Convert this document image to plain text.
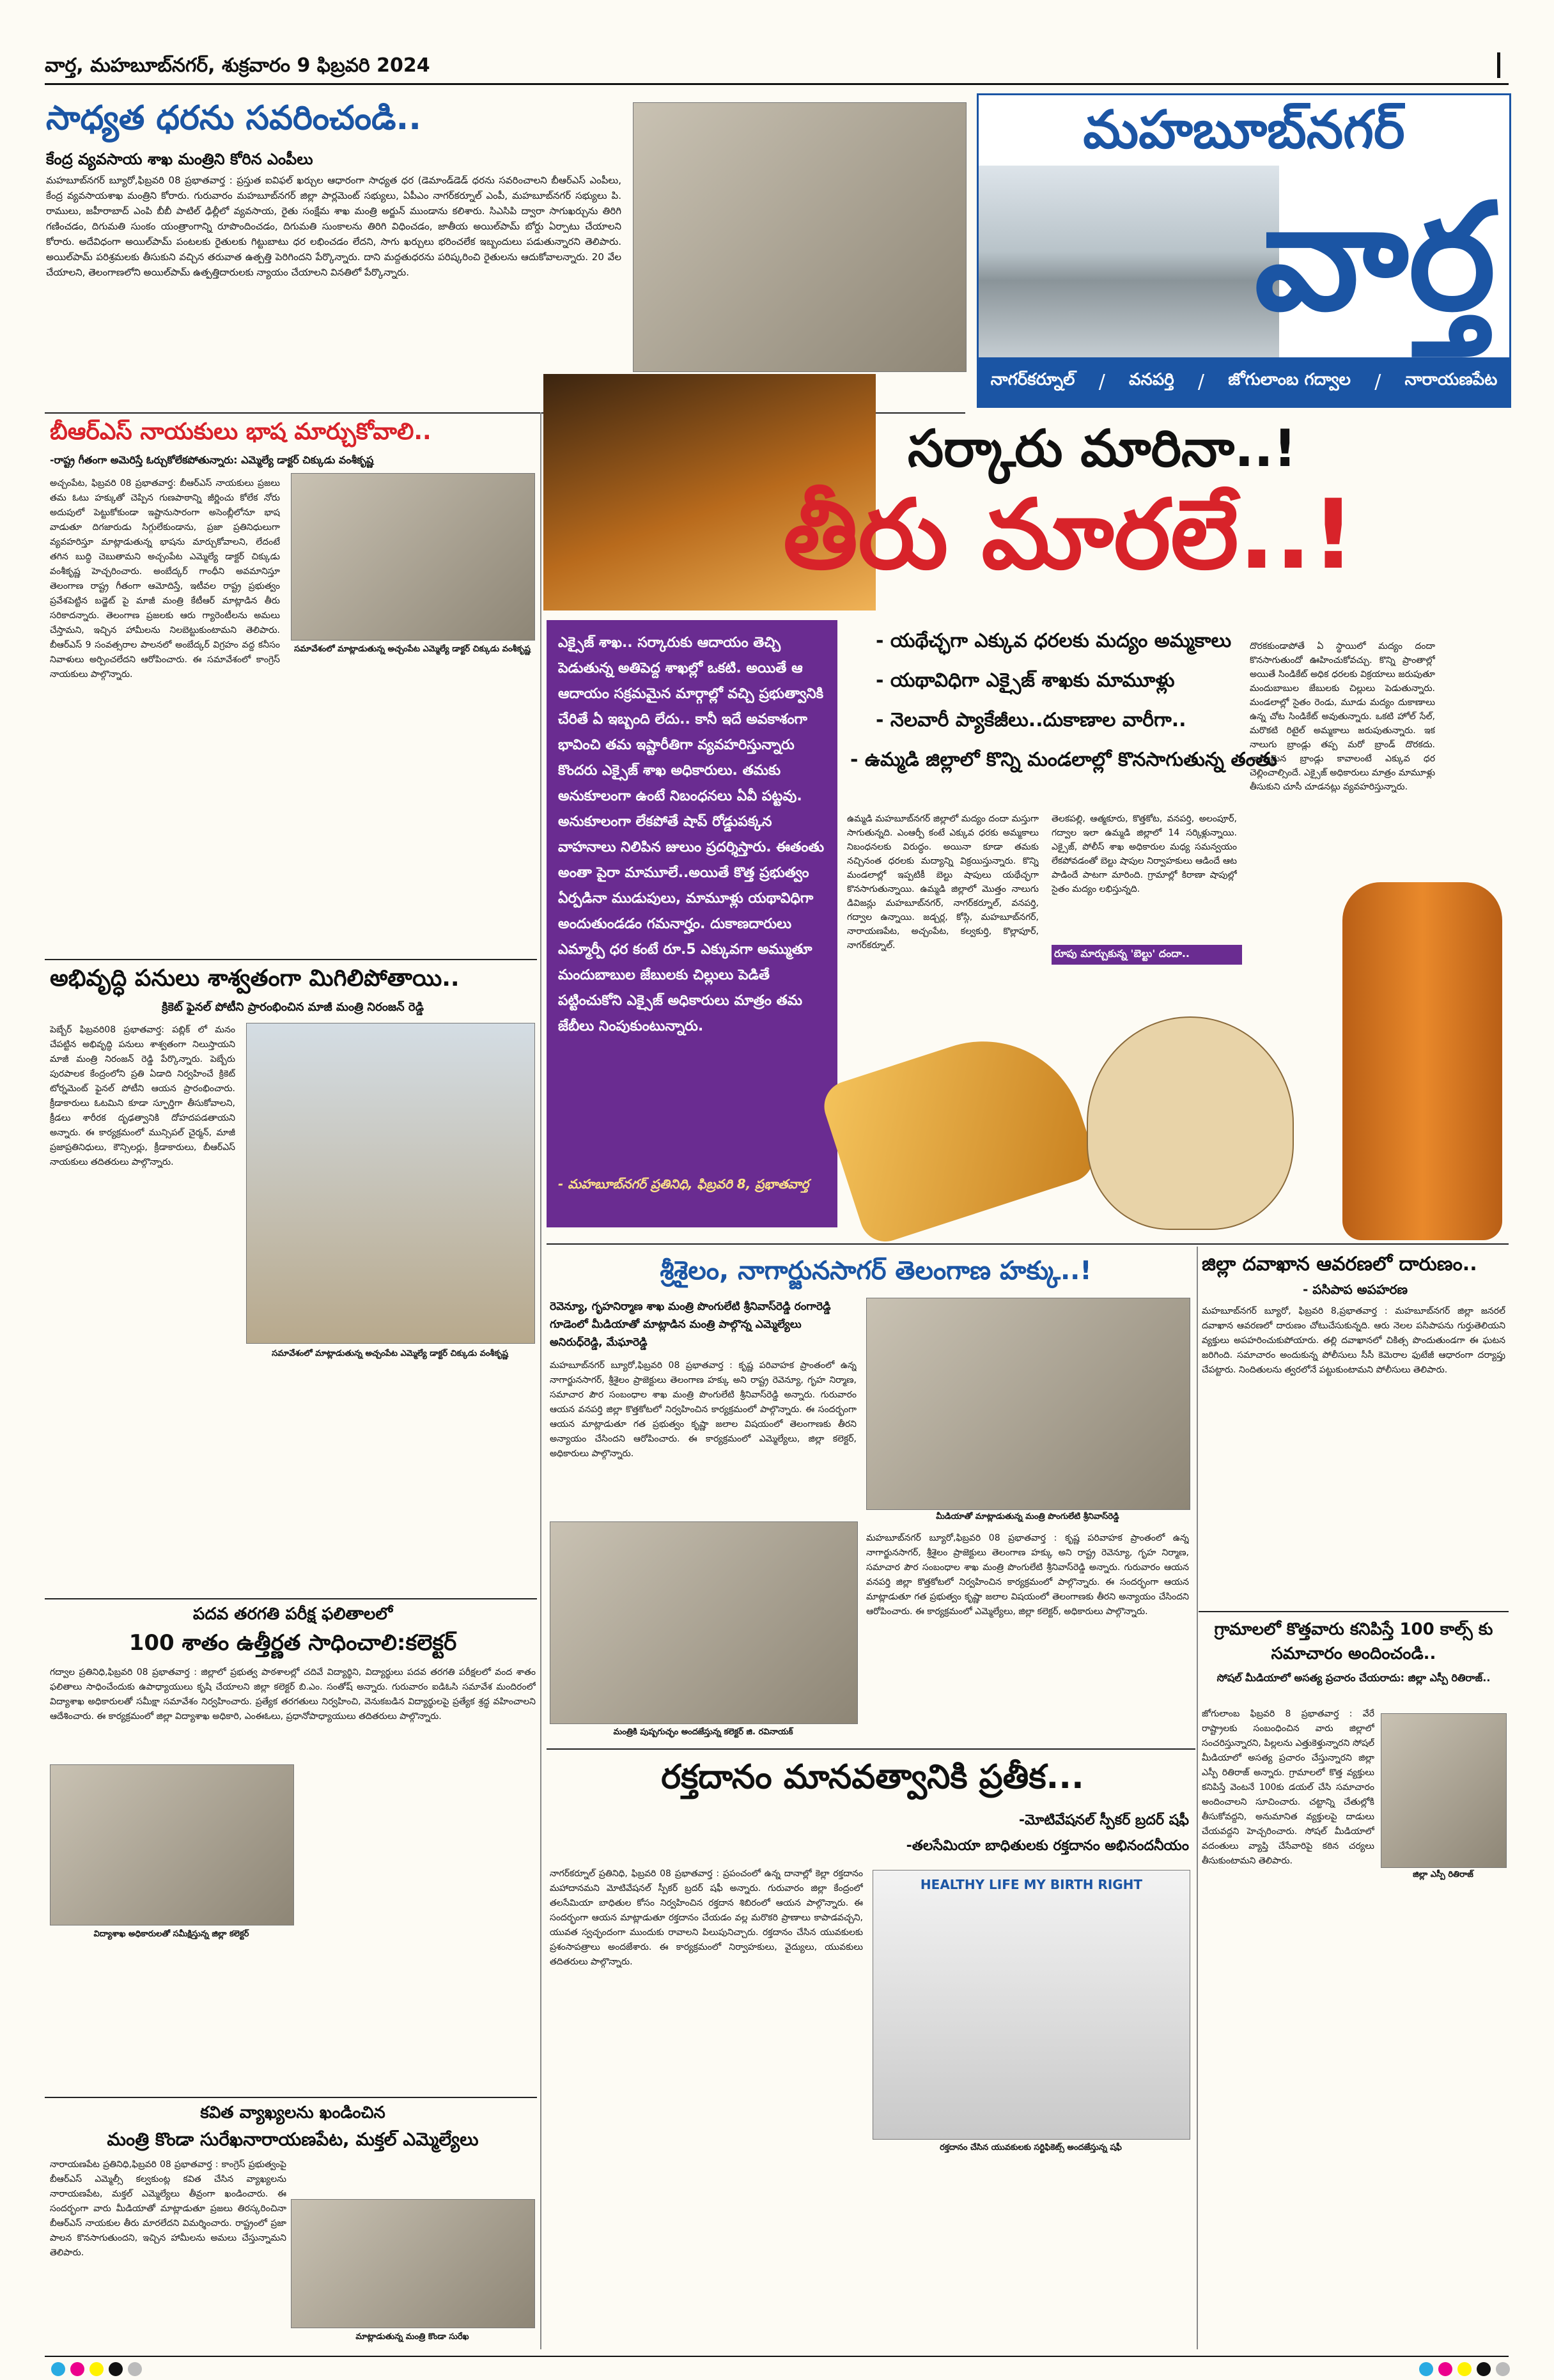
వార్త, మహబూబ్‌నగర్, శుక్రవారం 9 ఫిబ్రవరి 2024
మహబూబ్‌నగర్
వార్త
నాగర్‌కర్నూల్ / వనపర్తి / జోగులాంబ గద్వాల / నారాయణపేట
సాధ్యత ధరను సవరించండి..
కేంద్ర వ్యవసాయ శాఖ మంత్రిని కోరిన ఎంపీలు
మహబూబ్‌నగర్‌ బ్యూరో,ఫిబ్రవరి 08 ప్రభాతవార్త : ప్రస్తుత ఐవిఫల్‌ ఖర్చుల ఆధారంగా సాధ్యత ధర (డెమాండ్‌డెడ్‌ ధరను సవరించాలని బీఆర్ఎస్ ఎంపీలు, కేంద్ర వ్యవసాయశాఖ మంత్రిని కోరారు. గురువారం మహబూబ్‌నగర్‌ జిల్లా పార్లమెంట్‌ సభ్యులు, ఏపీఎం నాగర్‌కర్నూల్‌ ఎంపీ, మహబూబ్‌నగర్‌ సభ్యులు పి. రాములు, జహీరాబాద్ ఎంపి బీబీ పాటిల్ ఢిల్లీలో వ్యవసాయ, రైతు సంక్షేమ శాఖ మంత్రి అర్జున్ ముండాను కలిశారు. సిఎసిపి ద్వారా సాగుఖర్చును తిరిగి గణించడం, దిగుమతి సుంకం యంత్రాంగాన్ని రూపొందించడం, దిగుమతి సుంకాలను తిరిగి విధించడం, జాతీయ అయిల్‌పామ్ బోర్డు ఏర్పాటు చేయాలని కోరారు. అదేవిధంగా అయిల్‌పామ్ పంటలకు రైతులకు గిట్టుబాటు ధర లభించడం లేదని, సాగు ఖర్చులు భరించలేక ఇబ్బందులు పడుతున్నారని తెలిపారు. అయిల్‌పామ్ పరిశ్రమలకు తీసుకుని వచ్చిన తరువాత ఉత్పత్తి పెరిగిందని పేర్కొన్నారు. దాని మద్దతుధరను పరిష్కరించి రైతులను ఆదుకోవాలన్నారు. 20 వేల చేయాలని, తెలంగాణలోని అయిల్‌పామ్ ఉత్పత్తిదారులకు న్యాయం చేయాలని వినతిలో పేర్కొన్నారు.
సర్కారు మారినా..!
తీరు మారలే..!
ఎక్సైజ్ శాఖ.. సర్కారుకు ఆదాయం తెచ్చి పెడుతున్న అతిపెద్ద శాఖల్లో ఒకటి. అయితే ఆ ఆదాయం సక్రమమైన మార్గాల్లో వచ్చి ప్రభుత్వానికి చేరితే ఏ ఇబ్బంది లేదు.. కానీ ఇదే అవకాశంగా భావించి తమ ఇష్టారీతిగా వ్యవహరిస్తున్నారు కొందరు ఎక్సైజ్ శాఖ అధికారులు. తమకు అనుకూలంగా ఉంటే నిబంధనలు ఏవీ పట్టవు. అనుకూలంగా లేకపోతే షాప్ రోడ్డుపక్కన వాహనాలు నిలిపిన జులుం ప్రదర్శిస్తారు. ఈతంతు అంతా పైరా మామూలే..అయితే కొత్త ప్రభుత్వం ఏర్పడినా ముడుపులు, మామూళ్లు యథావిధిగా అందుతుండడం గమనార్హం. దుకాణదారులు ఎమ్మార్పీ ధర కంటే రూ.5 ఎక్కువగా అమ్ముతూ మందుబాబుల జేబులకు చిల్లులు పెడితే పట్టించుకోని ఎక్సైజ్ అధికారులు మాత్రం తమ జేబీలు నింపుకుంటున్నారు.
- మహబూబ్‌నగర్ ప్రతినిధి, ఫిబ్రవరి 8, ప్రభాతవార్త
- యథేచ్ఛగా ఎక్కువ ధరలకు మద్యం అమ్మకాలు
- యథావిధిగా ఎక్సైజ్ శాఖకు మామూళ్లు
- నెలవారీ ప్యాకేజీలు..దుకాణాల వారీగా..
- ఉమ్మడి జిల్లాలో కొన్ని మండలాల్లో కొనసాగుతున్న తంతు
ఉమ్మడి మహబూబ్‌నగర్ జిల్లాలో మద్యం దందా మస్తుగా సాగుతున్నది. ఎంఆర్పీ కంటే ఎక్కువ ధరకు అమ్మకాలు నిబంధనలకు విరుద్ధం. అయినా కూడా తమకు నచ్చినంత ధరలకు మద్యాన్ని విక్రయిస్తున్నారు. కొన్ని మండలాల్లో ఇప్పటికీ బెల్టు షాపులు యథేచ్ఛగా కొనసాగుతున్నాయి. ఉమ్మడి జిల్లాలో మొత్తం నాలుగు డివిజన్లు మహబూబ్‌నగర్, నాగర్‌కర్నూల్, వనపర్తి, గద్వాల ఉన్నాయి. జడ్చర్ల, కోస్గి, మహబూబ్‌నగర్, నారాయణపేట, అచ్చంపేట, కల్వకుర్తి, కొల్లాపూర్, నాగర్‌కర్నూల్.
తెలకపల్లి, ఆత్మకూరు, కొత్తకోట, వనపర్తి, అలంపూర్, గద్వాల ఇలా ఉమ్మడి జిల్లాలో 14 సర్కిళ్లున్నాయి. ఎక్సైజ్, పోలీస్ శాఖ అధికారుల మధ్య సమన్వయం లేకపోవడంతో బెల్టు షాపుల నిర్వాహకులు ఆడిందే ఆట పాడిందే పాటగా మారింది. గ్రామాల్లో కిరాణా షాపుల్లో సైతం మద్యం లభిస్తున్నది.
రూపు మార్చుకున్న 'బెల్టు' దందా..
దొరకకుండాపోతే ఏ స్థాయిలో మద్యం దందా కొనసాగుతుందో ఊహించుకోవచ్చు. కొన్ని ప్రాంతాల్లో అయితే సిండికేట్ అధిక ధరలకు విక్రయాలు జరుపుతూ మందుబాబుల జేబులకు చిల్లులు పెడుతున్నారు. మండలాల్లో సైతం రెండు, మూడు మద్యం దుకాణాలు ఉన్న చోట సిండికేట్ అవుతున్నారు. ఒకటి హోల్ సేల్, మరొకటి రిటైల్ అమ్మకాలు జరుపుతున్నారు. ఇక నాలుగు బ్రాండ్లు తప్ప మరో బ్రాండ్ దొరకదు. నాణ్యమైన బ్రాండ్లు కావాలంటే ఎక్కువ ధర చెల్లించాల్సిందే. ఎక్సైజ్ అధికారులు మాత్రం మామూళ్లు తీసుకుని చూసీ చూడనట్లు వ్యవహరిస్తున్నారు.
బీఆర్ఎస్ నాయకులు భాష మార్చుకోవాలి..
-రాష్ట్ర గీతంగా అమెరిస్తే ఓర్చుకోలేకపోతున్నారు: ఎమ్మెల్యే డాక్టర్ చిక్కుడు వంశీకృష్ణ
అచ్చంపేట, ఫిబ్రవరి 08 ప్రభాతవార్త: బీఆర్ఎస్ నాయకులు ప్రజలు తమ ఓటు హక్కుతో చెప్పిన గుణపాఠాన్ని జీర్ణించు కోలేక నోరు అదుపులో పెట్టుకోకుండా ఇష్టానుసారంగా అసెంబ్లీలోనూ భాష వాడుతూ దిగజారుడు సిగ్గులేకుండాను, ప్రజా ప్రతినిధులుగా వ్యవహరిస్తూ మాట్లాడుతున్న భాషను మార్చుకోవాలని, లేదంటే తగిన బుద్ధి చెబుతామని అచ్చంపేట ఎమ్మెల్యే డాక్టర్ చిక్కుడు వంశీకృష్ణ హెచ్చరించారు. అంబేద్కర్ గాంధీని అవమానిస్తూ తెలంగాణ రాష్ట్ర గీతంగా ఆమోదిస్తే, ఇటీవల రాష్ట్ర ప్రభుత్వం ప్రవేశపెట్టిన బడ్జెట్ పై మాజీ మంత్రి కేటీఆర్ మాట్లాడిన తీరు సరికాదన్నారు. తెలంగాణ ప్రజలకు ఆరు గ్యారెంటీలను అమలు చేస్తామని, ఇచ్చిన హామీలను నిలబెట్టుకుంటామని తెలిపారు. బీఆర్ఎస్ 9 సంవత్సరాల పాలనలో అంబేద్కర్ విగ్రహం వద్ద కనీసం నివాళులు అర్పించలేదని ఆరోపించారు. ఈ సమావేశంలో కాంగ్రెస్ నాయకులు పాల్గొన్నారు.
సమావేశంలో మాట్లాడుతున్న అచ్చంపేట ఎమ్మెల్యే డాక్టర్ చిక్కుడు వంశీకృష్ణ
అభివృద్ధి పనులు శాశ్వతంగా మిగిలిపోతాయి..
క్రికెట్ ఫైనల్ పోటీని ప్రారంభించిన మాజీ మంత్రి నిరంజన్ రెడ్డి
పెబ్బేర్ ఫిబ్రవరి08 ప్రభాతవార్త: పబ్లిక్ లో మనం చేపట్టిన అభివృద్ధి పనులు శాశ్వతంగా నిలుస్తాయని మాజీ మంత్రి నిరంజన్ రెడ్డి పేర్కొన్నారు. పెబ్బేరు పురపాలక కేంద్రంలోని ప్రతి ఏడాది నిర్వహించే క్రికెట్ టోర్నమెంట్ ఫైనల్ పోటీని ఆయన ప్రారంభించారు. క్రీడాకారులు ఓటమిని కూడా స్ఫూర్తిగా తీసుకోవాలని, క్రీడలు శారీరక దృఢత్వానికి దోహదపడతాయని అన్నారు. ఈ కార్యక్రమంలో మున్సిపల్ చైర్మన్, మాజీ ప్రజాప్రతినిధులు, కౌన్సిలర్లు, క్రీడాకారులు, బీఆర్ఎస్ నాయకులు తదితరులు పాల్గొన్నారు.
సమావేశంలో మాట్లాడుతున్న అచ్చంపేట ఎమ్మెల్యే డాక్టర్ చిక్కుడు వంశీకృష్ణ
పదవ తరగతి పరీక్ష ఫలితాలలో
100 శాతం ఉత్తీర్ణత సాధించాలి:కలెక్టర్
గద్వాల ప్రతినిధి,ఫిబ్రవరి 08 ప్రభాతవార్త : జిల్లాలో ప్రభుత్వ పాఠశాలల్లో చదివే విద్యార్థిని, విద్యార్థులు పదవ తరగతి పరీక్షలలో వంద శాతం ఫలితాలు సాధించేందుకు ఉపాధ్యాయులు కృషి చేయాలని జిల్లా కలెక్టర్ బి.ఎం. సంతోష్ అన్నారు. గురువారం ఐడిఓసి సమావేశ మందిరంలో విద్యాశాఖ అధికారులతో సమీక్షా సమావేశం నిర్వహించారు. ప్రత్యేక తరగతులు నిర్వహించి, వెనుకబడిన విద్యార్థులపై ప్రత్యేక శ్రద్ధ వహించాలని ఆదేశించారు. ఈ కార్యక్రమంలో జిల్లా విద్యాశాఖ అధికారి, ఎంఈఓలు, ప్రధానోపాధ్యాయులు తదితరులు పాల్గొన్నారు.
విద్యాశాఖ అధికారులతో సమీక్షిస్తున్న జిల్లా కలెక్టర్
కవిత వ్యాఖ్యలను ఖండించిన
మంత్రి కొండా సురేఖనారాయణపేట, మక్తల్ ఎమ్మెల్యేలు
నారాయణపేట ప్రతినిధి,ఫిబ్రవరి 08 ప్రభాతవార్త : కాంగ్రెస్ ప్రభుత్వంపై బీఆర్ఎస్ ఎమ్మెల్సీ కల్వకుంట్ల కవిత చేసిన వ్యాఖ్యలను నారాయణపేట, మక్తల్ ఎమ్మెల్యేలు తీవ్రంగా ఖండించారు. ఈ సందర్భంగా వారు మీడియాతో మాట్లాడుతూ ప్రజలు తిరస్కరించినా బీఆర్ఎస్ నాయకుల తీరు మారలేదని విమర్శించారు. రాష్ట్రంలో ప్రజా పాలన కొనసాగుతుందని, ఇచ్చిన హామీలను అమలు చేస్తున్నామని తెలిపారు.
మాట్లాడుతున్న మంత్రి కొండా సురేఖ
శ్రీశైలం, నాగార్జునసాగర్ తెలంగాణ హక్కు..!
రెవెన్యూ, గృహనిర్మాణ శాఖ మంత్రి పొంగులేటి శ్రీనివాస్‌రెడ్డి రంగారెడ్డి గూడెంలో మీడియాతో మాట్లాడిన మంత్రి పాల్గొన్న ఎమ్మెల్యేలు అనిరుధ్‌రెడ్డి, మేఘారెడ్డి
మహబూబ్‌నగర్ బ్యూరో,ఫిబ్రవరి 08 ప్రభాతవార్త : కృష్ణ పరివాహక ప్రాంతంలో ఉన్న నాగార్జునసాగర్, శ్రీశైలం ప్రాజెక్టులు తెలంగాణ హక్కు అని రాష్ట్ర రెవెన్యూ, గృహ నిర్మాణ, సమాచార పౌర సంబంధాల శాఖ మంత్రి పొంగులేటి శ్రీనివాస్‌రెడ్డి అన్నారు. గురువారం ఆయన వనపర్తి జిల్లా కొత్తకోటలో నిర్వహించిన కార్యక్రమంలో పాల్గొన్నారు. ఈ సందర్భంగా ఆయన మాట్లాడుతూ గత ప్రభుత్వం కృష్ణా జలాల విషయంలో తెలంగాణకు తీరని అన్యాయం చేసిందని ఆరోపించారు. ఈ కార్యక్రమంలో ఎమ్మెల్యేలు, జిల్లా కలెక్టర్, అధికారులు పాల్గొన్నారు.
మీడియాతో మాట్లాడుతున్న మంత్రి పొంగులేటి శ్రీనివాస్‌రెడ్డి
మంత్రికి పుష్పగుచ్ఛం అందజేస్తున్న కలెక్టర్ జి. రవినాయక్
మహబూబ్‌నగర్ బ్యూరో,ఫిబ్రవరి 08 ప్రభాతవార్త : కృష్ణ పరివాహక ప్రాంతంలో ఉన్న నాగార్జునసాగర్, శ్రీశైలం ప్రాజెక్టులు తెలంగాణ హక్కు అని రాష్ట్ర రెవెన్యూ, గృహ నిర్మాణ, సమాచార పౌర సంబంధాల శాఖ మంత్రి పొంగులేటి శ్రీనివాస్‌రెడ్డి అన్నారు. గురువారం ఆయన వనపర్తి జిల్లా కొత్తకోటలో నిర్వహించిన కార్యక్రమంలో పాల్గొన్నారు. ఈ సందర్భంగా ఆయన మాట్లాడుతూ గత ప్రభుత్వం కృష్ణా జలాల విషయంలో తెలంగాణకు తీరని అన్యాయం చేసిందని ఆరోపించారు. ఈ కార్యక్రమంలో ఎమ్మెల్యేలు, జిల్లా కలెక్టర్, అధికారులు పాల్గొన్నారు.
రక్తదానం మానవత్వానికి ప్రతీక...
-మోటివేషనల్ స్పీకర్ బ్రదర్ షఫీ
-తలసేమియా బాధితులకు రక్తదానం అభినందనీయం
నాగర్‌కర్నూల్ ప్రతినిధి, ఫిబ్రవరి 08 ప్రభాతవార్త : ప్రపంచంలో ఉన్న దానాల్లో కెల్లా రక్తదానం మహాదానమని మోటివేషనల్ స్పీకర్ బ్రదర్ షఫీ అన్నారు. గురువారం జిల్లా కేంద్రంలో తలసేమియా బాధితుల కోసం నిర్వహించిన రక్తదాన శిబిరంలో ఆయన పాల్గొన్నారు. ఈ సందర్భంగా ఆయన మాట్లాడుతూ రక్తదానం చేయడం వల్ల మరొకరి ప్రాణాలు కాపాడవచ్చని, యువత స్వచ్ఛందంగా ముందుకు రావాలని పిలుపునిచ్చారు. రక్తదానం చేసిన యువకులకు ప్రశంసాపత్రాలు అందజేశారు. ఈ కార్యక్రమంలో నిర్వాహకులు, వైద్యులు, యువకులు తదితరులు పాల్గొన్నారు.
HEALTHY LIFE MY BIRTH RIGHT
రక్తదానం చేసిన యువకులకు సర్టిఫికెట్స్ అందజేస్తున్న షఫీ
జిల్లా దవాఖాన ఆవరణలో దారుణం..
- పసిపాప అపహరణ
మహబూబ్‌నగర్ బ్యూరో, ఫిబ్రవరి 8,ప్రభాతవార్త : మహబూబ్‌నగర్ జిల్లా జనరల్ దవాఖాన ఆవరణలో దారుణం చోటుచేసుకున్నది. ఆరు నెలల పసిపాపను గుర్తుతెలియని వ్యక్తులు అపహరించుకుపోయారు. తల్లి దవాఖానలో చికిత్స పొందుతుండగా ఈ ఘటన జరిగింది. సమాచారం అందుకున్న పోలీసులు సీసీ కెమెరాల ఫుటేజీ ఆధారంగా దర్యాప్తు చేపట్టారు. నిందితులను త్వరలోనే పట్టుకుంటామని పోలీసులు తెలిపారు.
గ్రామాలలో కొత్తవారు కనిపిస్తే 100 కాల్స్ కు సమాచారం అందించండి..
సోషల్ మీడియాలో అసత్య ప్రచారం చేయరాదు: జిల్లా ఎస్పీ రితిరాజ్..
జోగులాంబ ఫిబ్రవరి 8 ప్రభాతవార్త : వేరే రాష్ట్రాలకు సంబంధించిన వారు జిల్లాలో సంచరిస్తున్నారని, పిల్లలను ఎత్తుకెళ్తున్నారని సోషల్ మీడియాలో అసత్య ప్రచారం చేస్తున్నారని జిల్లా ఎస్పీ రితిరాజ్ అన్నారు. గ్రామాలలో కొత్త వ్యక్తులు కనిపిస్తే వెంటనే 100కు డయల్ చేసి సమాచారం అందించాలని సూచించారు. చట్టాన్ని చేతుల్లోకి తీసుకోవద్దని, అనుమానిత వ్యక్తులపై దాడులు చేయవద్దని హెచ్చరించారు. సోషల్ మీడియాలో వదంతులు వ్యాప్తి చేసేవారిపై కఠిన చర్యలు తీసుకుంటామని తెలిపారు.
జిల్లా ఎస్పీ రితిరాజ్
